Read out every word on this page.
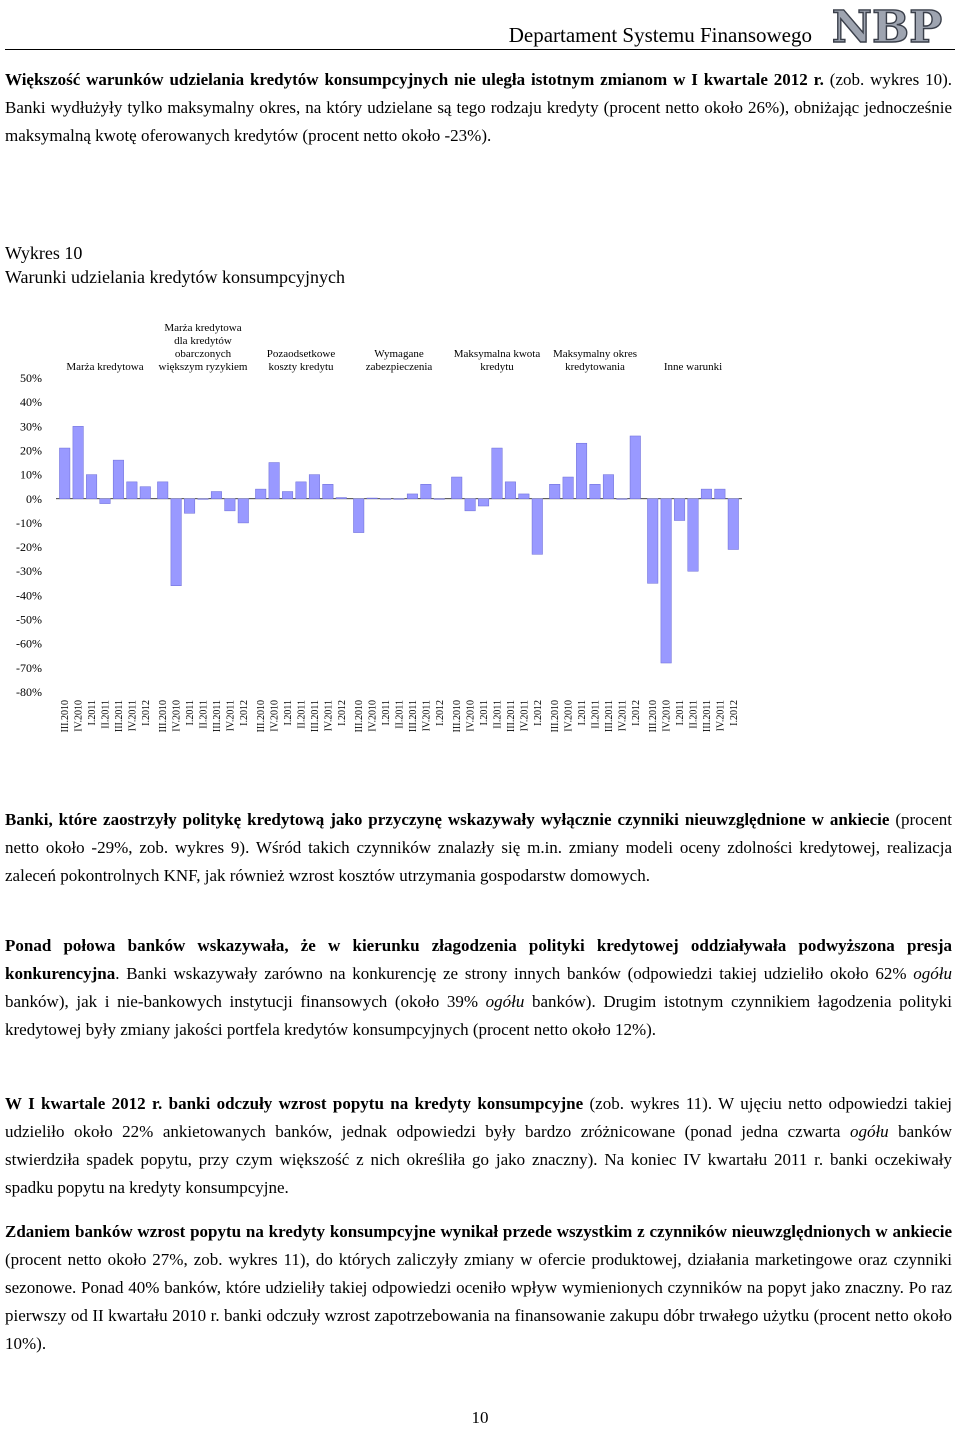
Departament Systemu Finansowego NBP
Większość warunków udzielania kredytów konsumpcyjnych nie uległa istotnym zmianom w I kwartale 2012 r. (zob. wykres 10). Banki wydłużyły tylko maksymalny okres, na który udzielane są tego rodzaju kredyty (procent netto około 26%), obniżając jednocześnie maksymalną kwotę oferowanych kredytów (procent netto około -23%).
Wykres 10
Warunki udzielania kredytów konsumpcyjnych
50%
40%
30%
20%
10%
0%
-10%
-20%
-30%
-40%
-50%
-60%
-70%
-80%
Marża kredytowa
III.2010 IV.2010 I.2011 II.2011 III.2011 IV.2011 I.2012
Marża kredytowa dla kredytów obarczonych większym ryzykiem
III.2010 IV.2010 I.2011 II.2011 III.2011 IV.2011 I.2012
Pozaodsetkowe koszty kredytu
III.2010 IV.2010 I.2011 II.2011 III.2011 IV.2011 I.2012
Wymagane zabezpieczenia
III.2010 IV.2010 I.2011 II.2011 III.2011 IV.2011 I.2012
Maksymalna kwota kredytu
III.2010 IV.2010 I.2011 II.2011 III.2011 IV.2011 I.2012
Maksymalny okres kredytowania
III.2010 IV.2010 I.2011 II.2011 III.2011 IV.2011 I.2012
Inne warunki
III.2010 IV.2010 I.2011 II.2011 III.2011 IV.2011 I.2012
Banki, które zaostrzyły politykę kredytową jako przyczynę wskazywały wyłącznie czynniki nieuwzględnione w ankiecie (procent netto około -29%, zob. wykres 9). Wśród takich czynników znalazły się m.in. zmiany modeli oceny zdolności kredytowej, realizacja zaleceń pokontrolnych KNF, jak również wzrost kosztów utrzymania gospodarstw domowych.
Ponad połowa banków wskazywała, że w kierunku złagodzenia polityki kredytowej oddziaływała podwyższona presja konkurencyjna. Banki wskazywały zarówno na konkurencję ze strony innych banków (odpowiedzi takiej udzieliło około 62% ogółu banków), jak i nie-bankowych instytucji finansowych (około 39% ogółu banków). Drugim istotnym czynnikiem łagodzenia polityki kredytowej były zmiany jakości portfela kredytów konsumpcyjnych (procent netto około 12%).
W I kwartale 2012 r. banki odczuły wzrost popytu na kredyty konsumpcyjne (zob. wykres 11). W ujęciu netto odpowiedzi takiej udzieliło około 22% ankietowanych banków, jednak odpowiedzi były bardzo zróżnicowane (ponad jedna czwarta ogółu banków stwierdziła spadek popytu, przy czym większość z nich określiła go jako znaczny). Na koniec IV kwartału 2011 r. banki oczekiwały spadku popytu na kredyty konsumpcyjne.
Zdaniem banków wzrost popytu na kredyty konsumpcyjne wynikał przede wszystkim z czynników nieuwzględnionych w ankiecie (procent netto około 27%, zob. wykres 11), do których zaliczyły zmiany w ofercie produktowej, działania marketingowe oraz czynniki sezonowe. Ponad 40% banków, które udzieliły takiej odpowiedzi oceniło wpływ wymienionych czynników na popyt jako znaczny. Po raz pierwszy od II kwartału 2010 r. banki odczuły wzrost zapotrzebowania na finansowanie zakupu dóbr trwałego użytku (procent netto około 10%).
10
